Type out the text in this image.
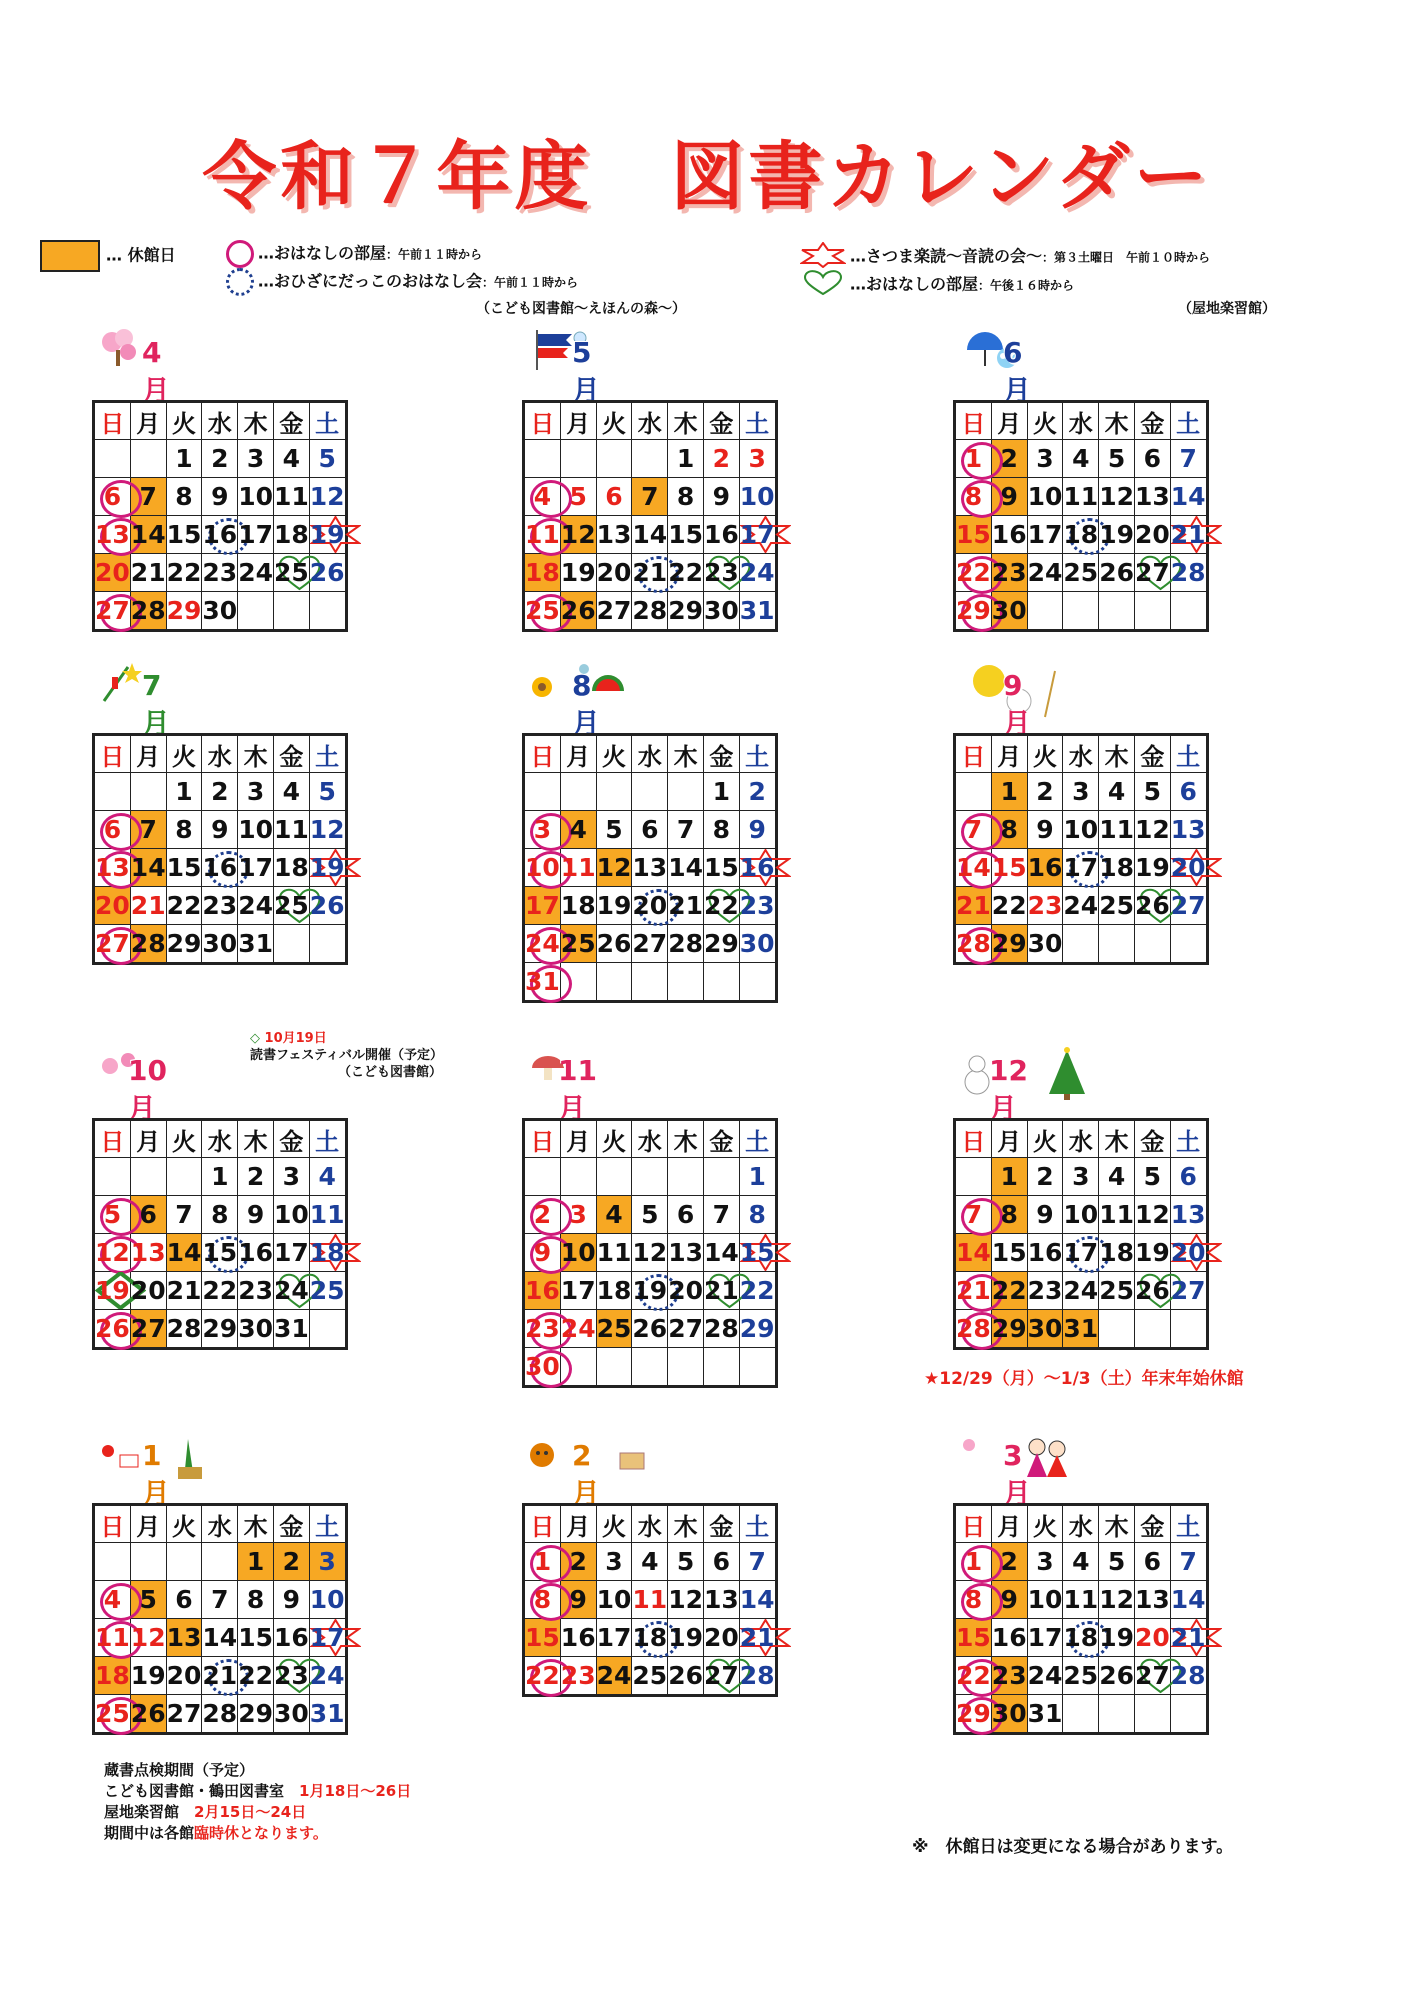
令和７年度　図書カレンダー
… 休館日	…おはなしの部屋：午前１１時から
…おひざにだっこのおはなし会：午前１１時から
（こども図書館～えほんの森～）
…さつま楽読～音読の会～：第３土曜日　午前１０時から
…おはなしの部屋：午後１６時から
（屋地楽習館）
4月
日	月	火	水	木	金	土
		1	2	3	4	5
6	7	8	9	10	11	12
13	14	15	16	17	18	19
20	21	22	23	24	25	26
27	28	29	30			
5月
日	月	火	水	木	金	土
				1	2	3
4	5	6	7	8	9	10
11	12	13	14	15	16	17
18	19	20	21	22	23	24
25	26	27	28	29	30	31
6月
日	月	火	水	木	金	土
1	2	3	4	5	6	7
8	9	10	11	12	13	14
15	16	17	18	19	20	21
22	23	24	25	26	27	28
29	30					
7月
日	月	火	水	木	金	土
		1	2	3	4	5
6	7	8	9	10	11	12
13	14	15	16	17	18	19
20	21	22	23	24	25	26
27	28	29	30	31		
8月
日	月	火	水	木	金	土
					1	2
3	4	5	6	7	8	9
10	11	12	13	14	15	16
17	18	19	20	21	22	23
24	25	26	27	28	29	30
31						
9月
日	月	火	水	木	金	土
	1	2	3	4	5	6
7	8	9	10	11	12	13
14	15	16	17	18	19	20
21	22	23	24	25	26	27
28	29	30				
10月
日	月	火	水	木	金	土
			1	2	3	4
5	6	7	8	9	10	11
12	13	14	15	16	17	18

19	20	21	22	23	24	25
26	27	28	29	30	31	
11月
日	月	火	水	木	金	土
						1
2	3	4	5	6	7	8
9	10	11	12	13	14	15
16	17	18	19	20	21	22
23	24	25	26	27	28	29
30						
12月
日	月	火	水	木	金	土
	1	2	3	4	5	6
7	8	9	10	11	12	13
14	15	16	17	18	19	20
21	22	23	24	25	26	27
28	29	30	31			
1月
日	月	火	水	木	金	土
				1	2	3
4	5	6	7	8	9	10
11	12	13	14	15	16	17
18	19	20	21	22	23	24
25	26	27	28	29	30	31
2月
日	月	火	水	木	金	土
1	2	3	4	5	6	7
8	9	10	11	12	13	14
15	16	17	18	19	20	21
22	23	24	25	26	27	28
3月
日	月	火	水	木	金	土
1	2	3	4	5	6	7
8	9	10	11	12	13	14
15	16	17	18	19	20	21
22	23	24	25	26	27	28
29	30	31				
◇ 10月19日
読書フェスティバル開催（予定）
（こども図書館）
★12/29（月）～1/3（土）年末年始休館
蔵書点検期間（予定）
こども図書館・鶴田図書室　 1月18日～26日
屋地楽習館　 2月15日～24日
期間中は各館臨時休となります。
※　休館日は変更になる場合があります。
